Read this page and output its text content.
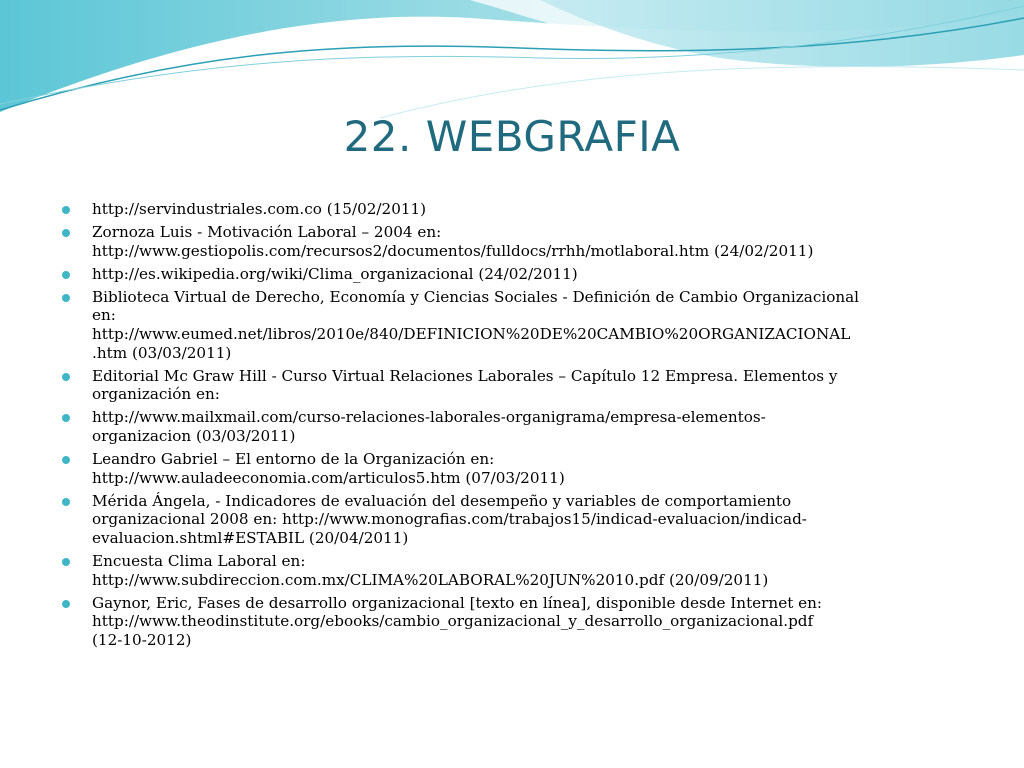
22. WEBGRAFIA
http://servindustriales.com.co (15/02/2011)
Zornoza Luis - Motivación Laboral – 2004 en:
http://www.gestiopolis.com/recursos2/documentos/fulldocs/rrhh/motlaboral.htm (24/02/2011)
http://es.wikipedia.org/wiki/Clima_organizacional (24/02/2011)
Biblioteca Virtual de Derecho, Economía y Ciencias Sociales - Definición de Cambio Organizacional
en:
http://www.eumed.net/libros/2010e/840/DEFINICION%20DE%20CAMBIO%20ORGANIZACIONAL
.htm (03/03/2011)
Editorial Mc Graw Hill - Curso Virtual Relaciones Laborales – Capítulo 12 Empresa. Elementos y
organización en:
http://www.mailxmail.com/curso-relaciones-laborales-organigrama/empresa-elementos-
organizacion (03/03/2011)
Leandro Gabriel – El entorno de la Organización en:
http://www.auladeeconomia.com/articulos5.htm (07/03/2011)
Mérida Ángela, - Indicadores de evaluación del desempeño y variables de comportamiento
organizacional 2008 en: http://www.monografias.com/trabajos15/indicad-evaluacion/indicad-
evaluacion.shtml#ESTABIL (20/04/2011)
Encuesta Clima Laboral en:
http://www.subdireccion.com.mx/CLIMA%20LABORAL%20JUN%2010.pdf (20/09/2011)
Gaynor, Eric, Fases de desarrollo organizacional [texto en línea], disponible desde Internet en:
http://www.theodinstitute.org/ebooks/cambio_organizacional_y_desarrollo_organizacional.pdf
(12-10-2012)
